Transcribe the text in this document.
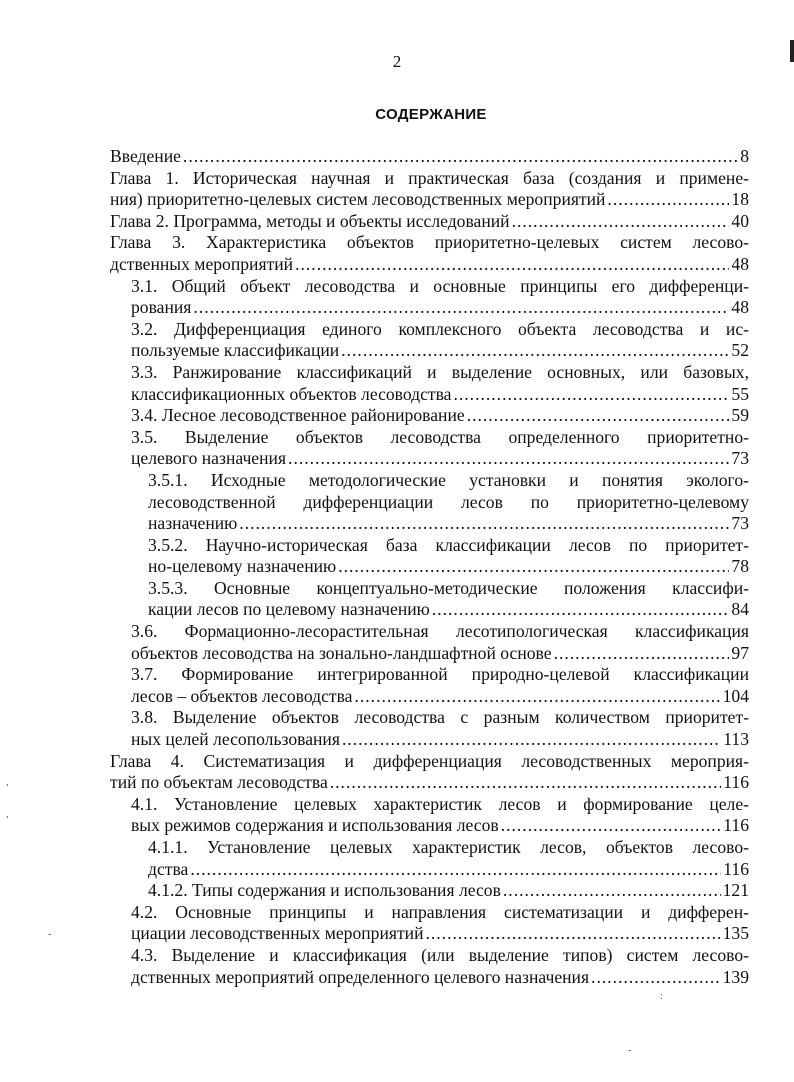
2
СОДЕРЖАНИЕ
Введение .....	8
Глава 1. Историческая научная и практическая база (создания и примене-
ния) приоритетно-целевых систем лесоводственных мероприятий .....	18
Глава 2. Программа, методы и объекты исследований .....	40
Глава 3. Характеристика объектов приоритетно-целевых систем лесово-
дственных мероприятий .....	48
3.1. Общий объект лесоводства и основные принципы его дифференци-
рования .....	48
3.2. Дифференциация единого комплексного объекта лесоводства и ис-
пользуемые классификации .....	52
3.3. Ранжирование классификаций и выделение основных, или базовых,
классификационных объектов лесоводства .....	55
3.4. Лесное лесоводственное районирование .....	59
3.5. Выделение объектов лесоводства определенного приоритетно-
целевого назначения .....	73
3.5.1. Исходные методологические установки и понятия эколого-
лесоводственной дифференциации лесов по приоритетно-целевому
назначению .....	73
3.5.2. Научно-историческая база классификации лесов по приоритет-
но-целевому назначению .....	78
3.5.3. Основные концептуально-методические положения классифи-
кации лесов по целевому назначению .....	84
3.6. Формационно-лесорастительная лесотипологическая классификация
объектов лесоводства на зонально-ландшафтной основе .....	97
3.7. Формирование интегрированной природно-целевой классификации
лесов – объектов лесоводства .....	104
3.8. Выделение объектов лесоводства с разным количеством приоритет-
ных целей лесопользования .....	113
Глава 4. Систематизация и дифференциация лесоводственных мероприя-
тий по объектам лесоводства .....	116
4.1. Установление целевых характеристик лесов и формирование целе-
вых режимов содержания и использования лесов .....	116
4.1.1. Установление целевых характеристик лесов, объектов лесово-
дства .....	116
4.1.2. Типы содержания и использования лесов .....	121
4.2. Основные принципы и направления систематизации и дифферен-
циации лесоводственных мероприятий .....	135
4.3. Выделение и классификация (или выделение типов) систем лесово-
дственных мероприятий определенного целевого назначения .....	139
,
,
-
:
-
